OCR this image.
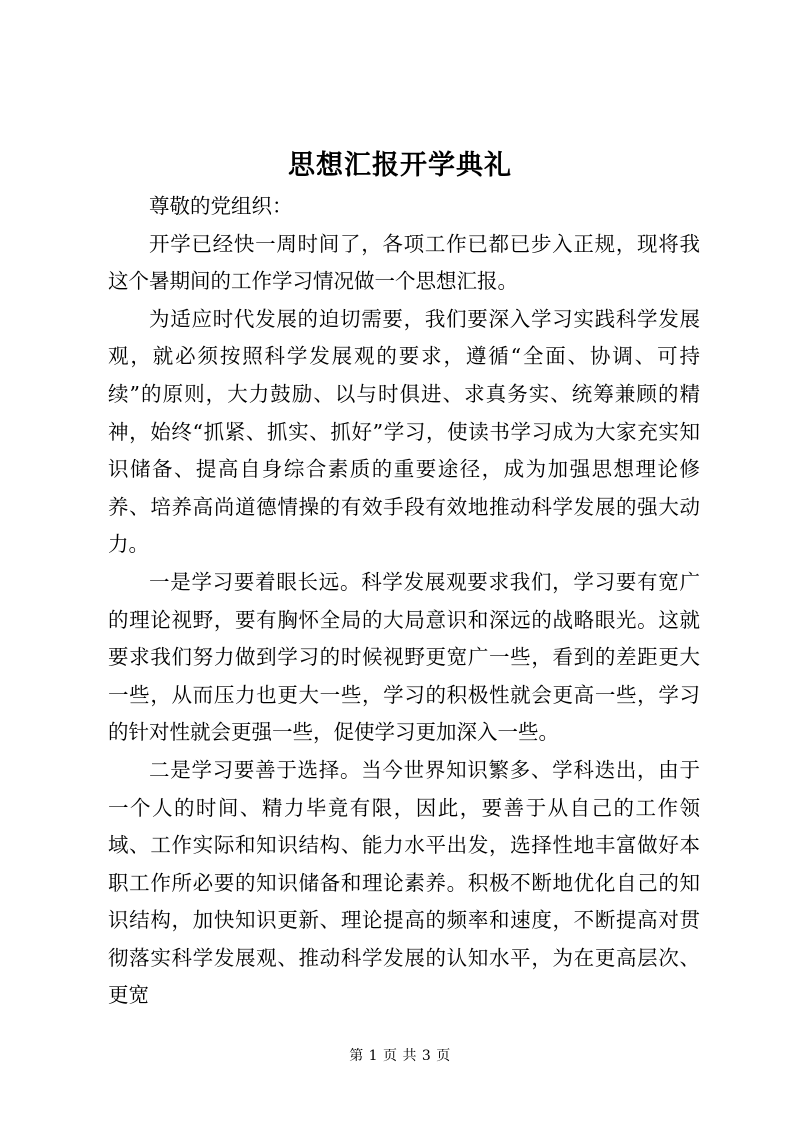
思想汇报开学典礼

尊敬的党组织：

开学已经快一周时间了，各项工作已都已步入正规，现将我这个暑期间的工作学习情况做一个思想汇报。

为适应时代发展的迫切需要，我们要深入学习实践科学发展观，就必须按照科学发展观的要求，遵循“全面、协调、可持续”的原则，大力鼓励、以与时俱进、求真务实、统筹兼顾的精神，始终“抓紧、抓实、抓好”学习，使读书学习成为大家充实知识储备、提高自身综合素质的重要途径，成为加强思想理论修养、培养高尚道德情操的有效手段有效地推动科学发展的强大动力。

一是学习要着眼长远。科学发展观要求我们，学习要有宽广的理论视野，要有胸怀全局的大局意识和深远的战略眼光。这就要求我们努力做到学习的时候视野更宽广一些，看到的差距更大一些，从而压力也更大一些，学习的积极性就会更高一些，学习的针对性就会更强一些，促使学习更加深入一些。

二是学习要善于选择。当今世界知识繁多、学科迭出，由于一个人的时间、精力毕竟有限，因此，要善于从自己的工作领域、工作实际和知识结构、能力水平出发，选择性地丰富做好本职工作所必要的知识储备和理论素养。积极不断地优化自己的知识结构，加快知识更新、理论提高的频率和速度，不断提高对贯彻落实科学发展观、推动科学发展的认知水平，为在更高层次、更宽

第 1 页 共 3 页
